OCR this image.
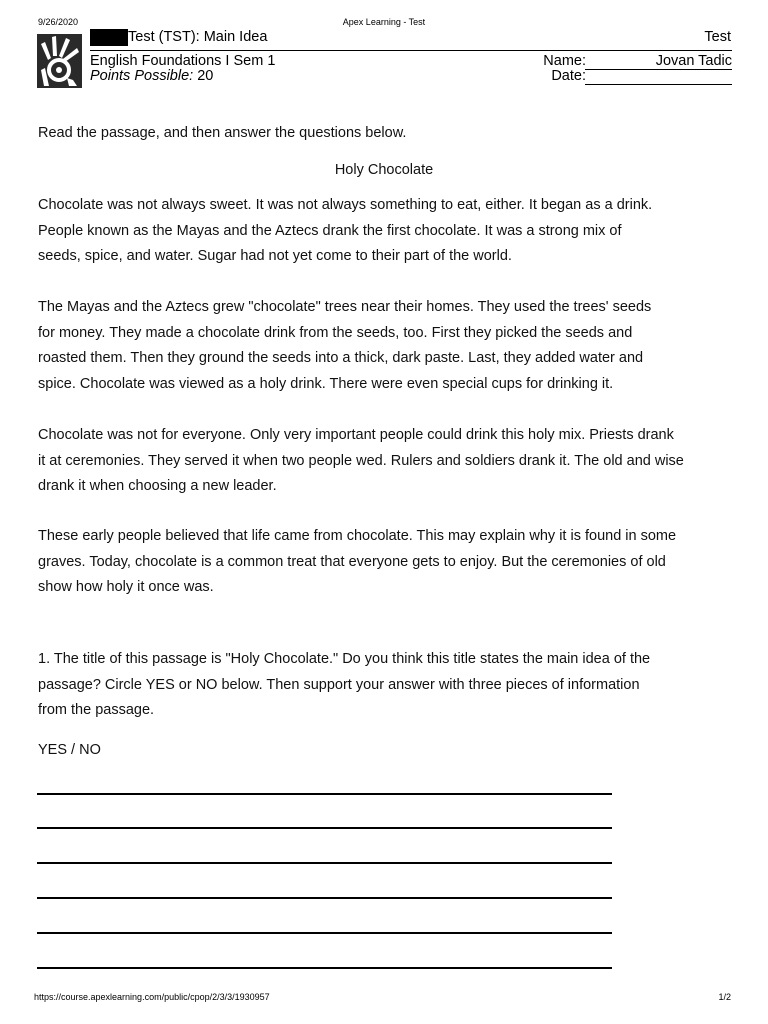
9/26/2020	Apex Learning - Test
Test (TST): Main Idea	Test
English Foundations I Sem 1
Points Possible: 20
Name:	Jovan Tadic
Date:
Read the passage, and then answer the questions below.
Holy Chocolate
Chocolate was not always sweet. It was not always something to eat, either. It began as a drink.
People known as the Mayas and the Aztecs drank the first chocolate. It was a strong mix of
seeds, spice, and water. Sugar had not yet come to their part of the world.
The Mayas and the Aztecs grew "chocolate" trees near their homes. They used the trees' seeds
for money. They made a chocolate drink from the seeds, too. First they picked the seeds and
roasted them. Then they ground the seeds into a thick, dark paste. Last, they added water and
spice. Chocolate was viewed as a holy drink. There were even special cups for drinking it.
Chocolate was not for everyone. Only very important people could drink this holy mix. Priests drank
it at ceremonies. They served it when two people wed. Rulers and soldiers drank it. The old and wise
drank it when choosing a new leader.
These early people believed that life came from chocolate. This may explain why it is found in some
graves. Today, chocolate is a common treat that everyone gets to enjoy. But the ceremonies of old
show how holy it once was.
1. The title of this passage is "Holy Chocolate." Do you think this title states the main idea of the
passage? Circle YES or NO below. Then support your answer with three pieces of information
from the passage.
YES / NO
https://course.apexlearning.com/public/cpop/2/3/3/1930957	1/2
